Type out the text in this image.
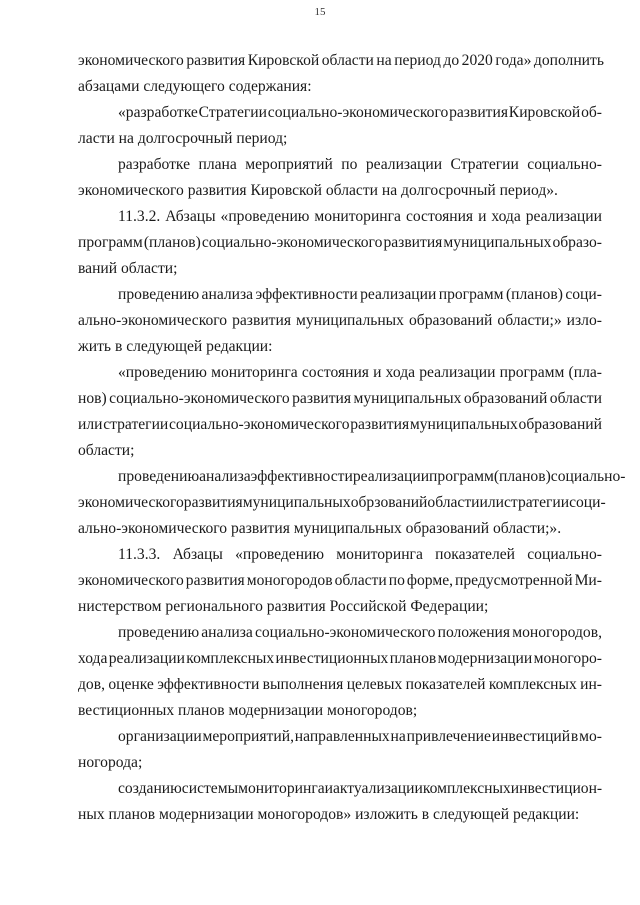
15
экономического развития Кировской области на период до 2020 года» дополнить
абзацами следующего содержания:
«разработке Стратегии социально-экономического развития Кировской об-
ласти на долгосрочный период;
разработке плана мероприятий по реализации Стратегии социально-
экономического развития Кировской области на долгосрочный период».
11.3.2. Абзацы «проведению мониторинга состояния и хода реализации
программ (планов) социально-экономического развития муниципальных образо-
ваний области;
проведению анализа эффективности реализации программ (планов) соци-
ально-экономического развития муниципальных образований области;» изло-
жить в следующей редакции:
«проведению мониторинга состояния и хода реализации программ (пла-
нов) социально-экономического развития муниципальных образований области
или стратегии социально-экономического развития муниципальных образований
области;
проведению анализа эффективности реализации программ (планов) социально-
экономического развития муниципальных обрзований области или стратегии соци-
ально-экономического развития муниципальных образований области;».
11.3.3. Абзацы «проведению мониторинга показателей социально-
экономического развития моногородов области по форме, предусмотренной Ми-
нистерством регионального развития Российской Федерации;
проведению анализа социально-экономического положения моногородов,
хода реализации комплексных инвестиционных планов модернизации моногоро-
дов, оценке эффективности выполнения целевых показателей комплексных ин-
вестиционных планов модернизации моногородов;
организации мероприятий, направленных на привлечение инвестиций в мо-
ногорода;
созданию системы мониторинга и актуализации комплексных инвестицион-
ных планов модернизации моногородов» изложить в следующей редакции:
